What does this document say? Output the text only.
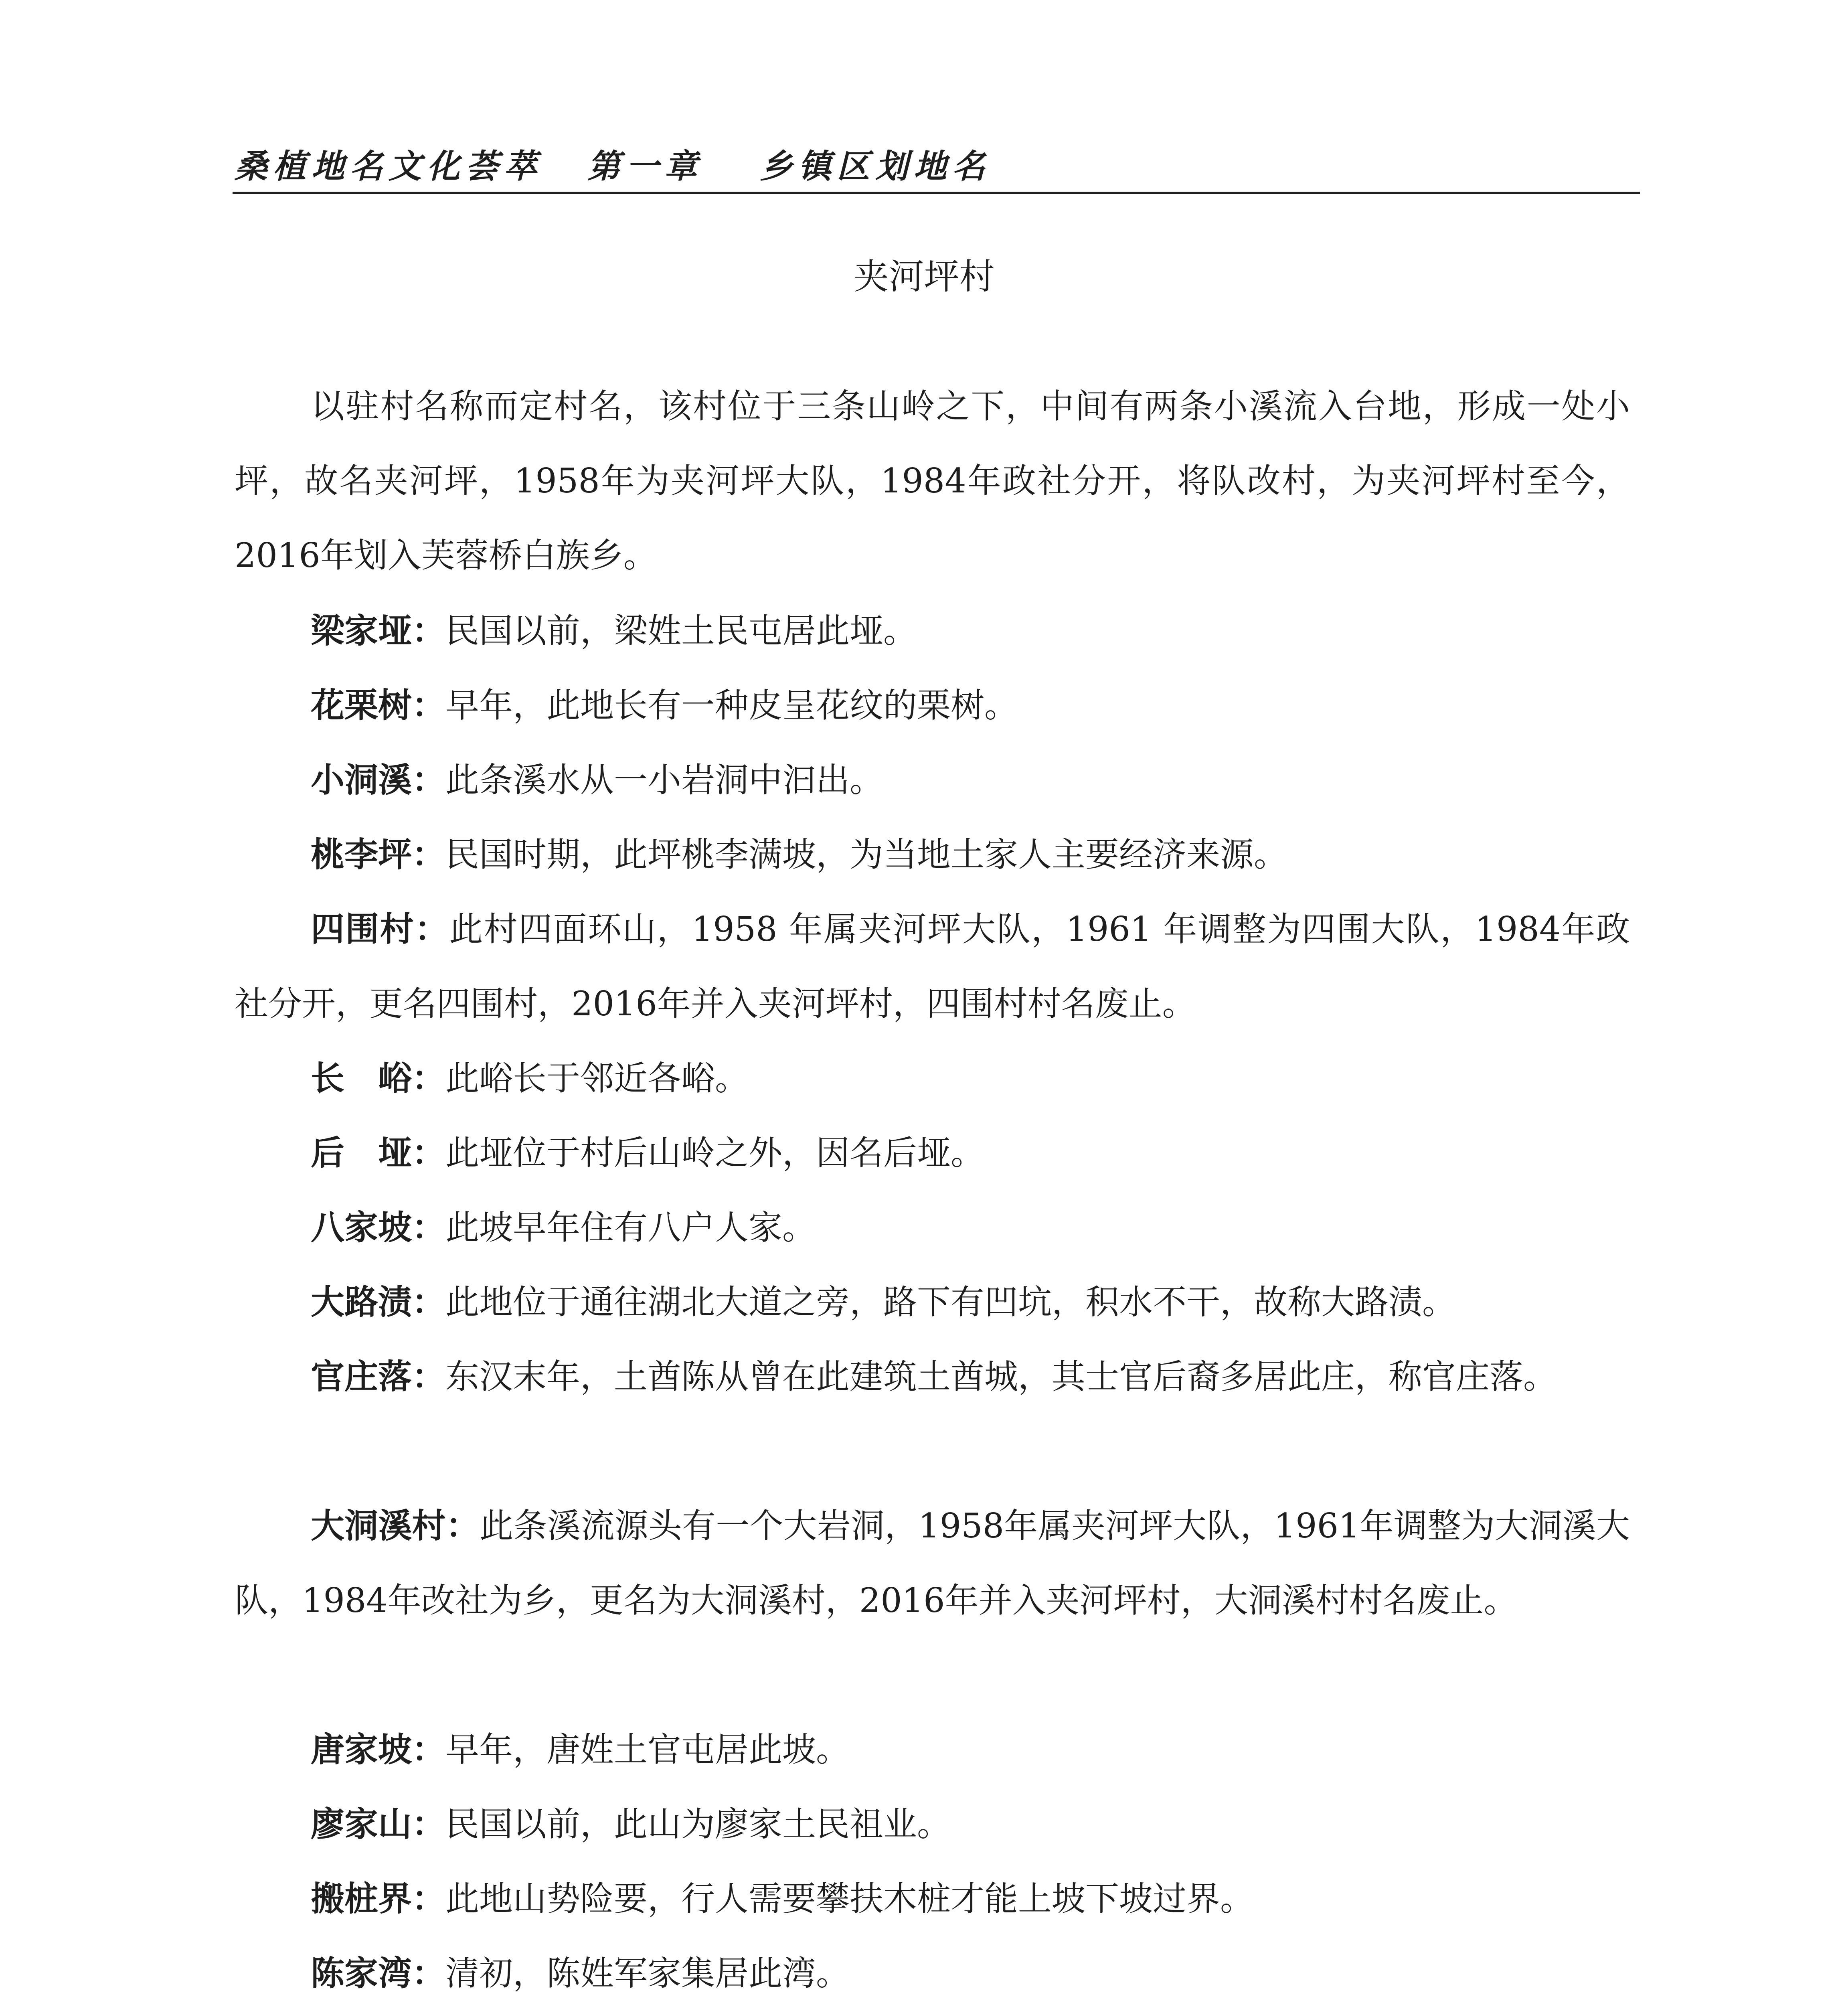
桑植地名文化荟萃 第一章 乡镇区划地名
夹河坪村

以驻村名称而定村名，该村位于三条山岭之下，中间有两条小溪流入台地，形成一处小坪，故名夹河坪，1958年为夹河坪大队，1984年政社分开，将队改村，为夹河坪村至今，2016年划入芙蓉桥白族乡。

梁家垭：民国以前，梁姓土民屯居此垭。

花栗树：早年，此地长有一种皮呈花纹的栗树。

小洞溪：此条溪水从一小岩洞中汩出。

桃李坪：民国时期，此坪桃李满坡，为当地土家人主要经济来源。

四围村：此村四面环山，1958 年属夹河坪大队，1961 年调整为四围大队，1984年政社分开，更名四围村，2016年并入夹河坪村，四围村村名废止。

长　峪：此峪长于邻近各峪。

后　垭：此垭位于村后山岭之外，因名后垭。

八家坡：此坡早年住有八户人家。

大路渍：此地位于通往湖北大道之旁，路下有凹坑，积水不干，故称大路渍。

官庄落：东汉末年，土酋陈从曾在此建筑土酋城，其士官后裔多居此庄，称官庄落。

大洞溪村：此条溪流源头有一个大岩洞，1958年属夹河坪大队，1961年调整为大洞溪大队，1984年改社为乡，更名为大洞溪村，2016年并入夹河坪村，大洞溪村村名废止。

唐家坡：早年，唐姓土官屯居此坡。

廖家山：民国以前，此山为廖家土民祖业。

搬桩界：此地山势险要，行人需要攀扶木桩才能上坡下坡过界。

陈家湾：清初，陈姓军家集居此湾。
